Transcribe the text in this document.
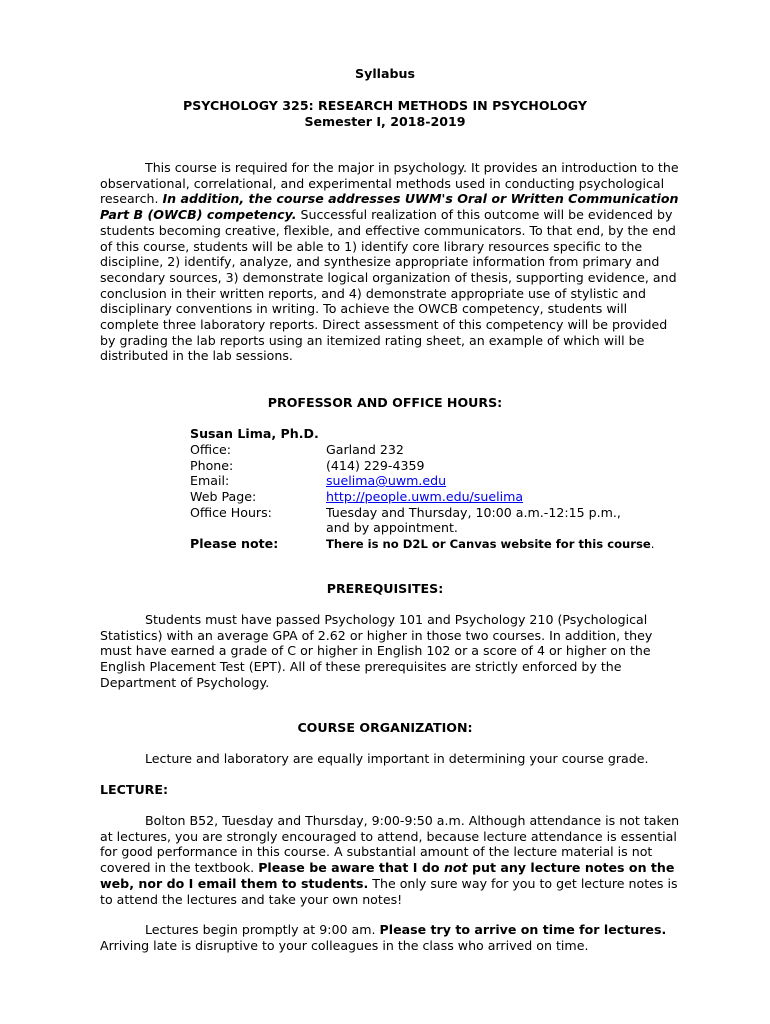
Syllabus
PSYCHOLOGY 325: RESEARCH METHODS IN PSYCHOLOGY
Semester I, 2018-2019

This course is required for the major in psychology. It provides an introduction to the observational, correlational, and experimental methods used in conducting psychological research. In addition, the course addresses UWM's Oral or Written Communication Part B (OWCB) competency. Successful realization of this outcome will be evidenced by students becoming creative, flexible, and effective communicators. To that end, by the end of this course, students will be able to 1) identify core library resources specific to the discipline, 2) identify, analyze, and synthesize appropriate information from primary and secondary sources, 3) demonstrate logical organization of thesis, supporting evidence, and conclusion in their written reports, and 4) demonstrate appropriate use of stylistic and disciplinary conventions in writing. To achieve the OWCB competency, students will complete three laboratory reports. Direct assessment of this competency will be provided by grading the lab reports using an itemized rating sheet, an example of which will be distributed in the lab sessions.

PROFESSOR AND OFFICE HOURS:
Susan Lima, Ph.D.
Office:	Garland 232
Phone:	(414) 229-4359
Email:	suelima@uwm.edu
Web Page:	http://people.uwm.edu/suelima
Office Hours:	Tuesday and Thursday, 10:00 a.m.-12:15 p.m.,
and by appointment.
Please note:	There is no D2L or Canvas website for this course.
PREREQUISITES:

Students must have passed Psychology 101 and Psychology 210 (Psychological Statistics) with an average GPA of 2.62 or higher in those two courses. In addition, they must have earned a grade of C or higher in English 102 or a score of 4 or higher on the English Placement Test (EPT). All of these prerequisites are strictly enforced by the Department of Psychology.

COURSE ORGANIZATION:

Lecture and laboratory are equally important in determining your course grade.

LECTURE:

Bolton B52, Tuesday and Thursday, 9:00-9:50 a.m. Although attendance is not taken at lectures, you are strongly encouraged to attend, because lecture attendance is essential for good performance in this course. A substantial amount of the lecture material is not covered in the textbook. Please be aware that I do not put any lecture notes on the web, nor do I email them to students. The only sure way for you to get lecture notes is to attend the lectures and take your own notes!

Lectures begin promptly at 9:00 am. Please try to arrive on time for lectures. Arriving late is disruptive to your colleagues in the class who arrived on time.
